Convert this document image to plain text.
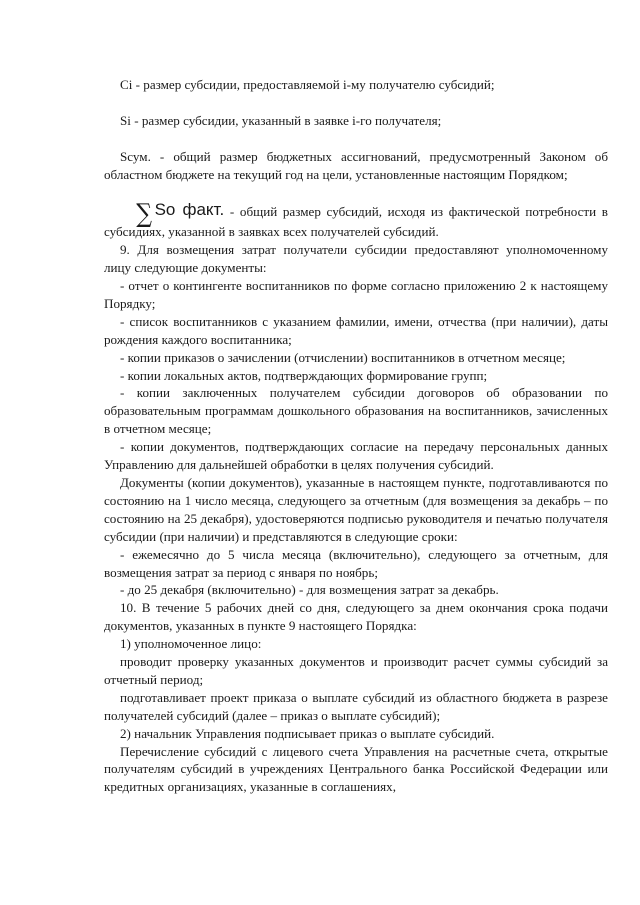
Ci - размер субсидии, предоставляемой i-му получателю субсидий;

Si - размер субсидии, указанный в заявке i-го получателя;

Sсум. - общий размер бюджетных ассигнований, предусмотренный Законом об областном бюджете на текущий год на цели, установленные настоящим Порядком;

∑ So факт. - общий размер субсидий, исходя из фактической потребности в субсидиях, указанной в заявках всех получателей субсидий.

9. Для возмещения затрат получатели субсидии предоставляют уполномоченному лицу следующие документы:

- отчет о контингенте воспитанников по форме согласно приложению 2 к настоящему Порядку;

- список воспитанников с указанием фамилии, имени, отчества (при наличии), даты рождения каждого воспитанника;

- копии приказов о зачислении (отчислении) воспитанников в отчетном месяце;

- копии локальных актов, подтверждающих формирование групп;

- копии заключенных получателем субсидии договоров об образовании по образовательным программам дошкольного образования на воспитанников, зачисленных в отчетном месяце;

- копии документов, подтверждающих согласие на передачу персональных данных Управлению для дальнейшей обработки в целях получения субсидий.

Документы (копии документов), указанные в настоящем пункте, подготавливаются по состоянию на 1 число месяца, следующего за отчетным (для возмещения за декабрь – по состоянию на 25 декабря), удостоверяются подписью руководителя и печатью получателя субсидии (при наличии) и представляются в следующие сроки:

- ежемесячно до 5 числа месяца (включительно), следующего за отчетным, для возмещения затрат за период с января по ноябрь;

- до 25 декабря (включительно) - для возмещения затрат за декабрь.

10. В течение 5 рабочих дней со дня, следующего за днем окончания срока подачи документов, указанных в пункте 9 настоящего Порядка:

1) уполномоченное лицо:

проводит проверку указанных документов и производит расчет суммы субсидий за отчетный период;

подготавливает проект приказа о выплате субсидий из областного бюджета в разрезе получателей субсидий (далее – приказ о выплате субсидий);

2) начальник Управления подписывает приказ о выплате субсидий.

Перечисление субсидий с лицевого счета Управления на расчетные счета, открытые получателям субсидий в учреждениях Центрального банка Российской Федерации или кредитных организациях, указанные в соглашениях,
